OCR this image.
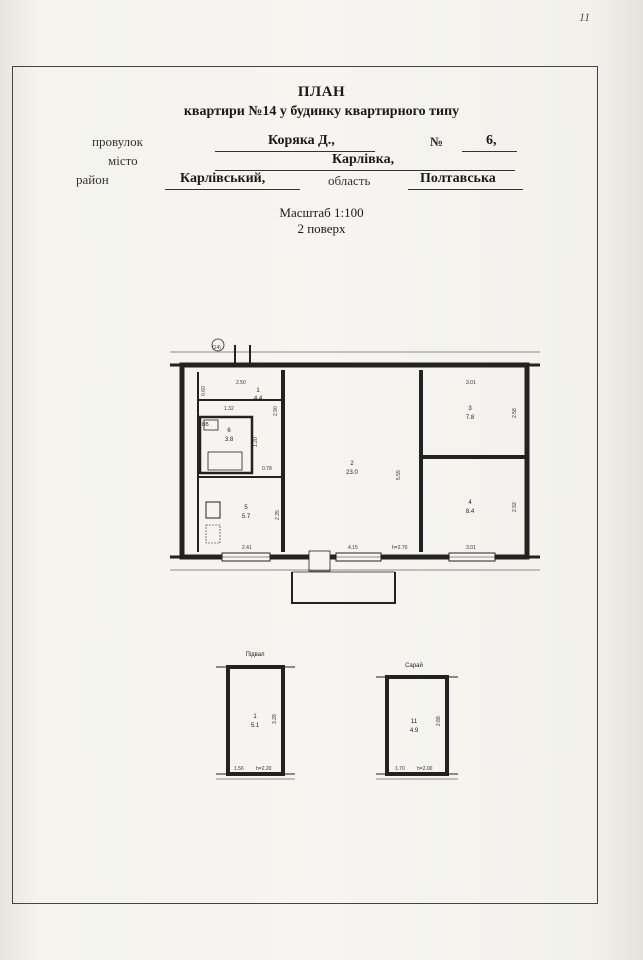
11
ПЛАН
квартири №14 у будинку квартирного типу
провулок	Коряка Д.,	№	6,
місто	Карлівка,
район	Карлівський,	область	Полтавська
Масштаб 1:100
2 поверх
1
4.4
2
23.0
3
7.8
4
8.4
5
5.7
6
3.8
2.50	3.01
1.32	2.90	2.58
0.60
1.20
0.78
5.55
2.35
2.92
2.41	4.15	h=2.70	3.01
ВВ
Підвал
1
5.1
1.56 h=2.20
3.28
Сарай
11
4.9
1.70 h=2.00
2.88
(14)
